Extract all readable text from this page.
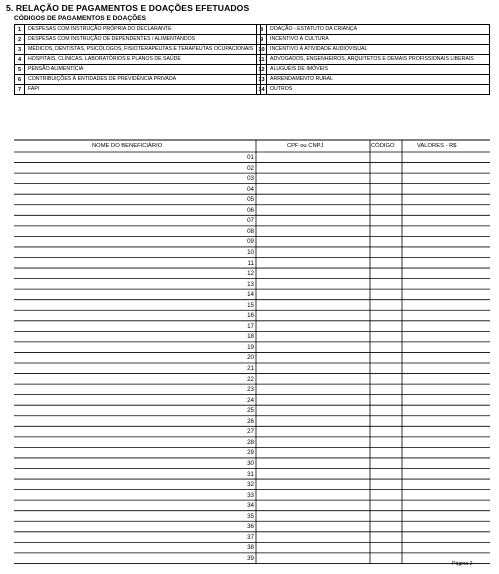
5. RELAÇÃO DE PAGAMENTOS E DOAÇÕES EFETUADOS
CÓDIGOS DE PAGAMENTOS E DOAÇÕES
1	DESPESAS COM INSTRUÇÃO PRÓPRIA DO DECLARANTE
2	DESPESAS COM INSTRUÇÃO DE DEPENDENTES / ALIMENTANDOS
3	MÉDICOS, DENTISTAS, PSICÓLOGOS, FISIOTERAPEUTAS E TERAPEUTAS OCUPACIONAIS
4	HOSPITAIS, CLÍNICAS, LABORATÓRIOS E PLANOS DE SAÚDE
5	PENSÃO ALIMENTÍCIA
6	CONTRIBUIÇÕES À ENTIDADES DE PREVIDÊNCIA PRIVADA
7	FAPI
8	DOAÇÃO - ESTATUTO DA CRIANÇA
9	INCENTIVO À CULTURA
10	INCENTIVO À ATIVIDADE AUDIOVISUAL
11	ADVOGADOS, ENGENHEIROS, ARQUITETOS E DEMAIS PROFISSIONAIS LIBERAIS
12	ALUGUÉIS DE IMÓVEIS
13	ARRENDAMENTO RURAL
14	OUTROS
NOME DO BENEFICIÁRIO	CPF ou CNPJ	CÓDIGO	VALORES - R$
01
02
03
04
05
06
07
08
09
10
11
12
13
14
15
16
17
18
19
20
21
22
23
24
25
26
27
28
29
30
31
32
33
34
35
36
37
38
39
Página 2
